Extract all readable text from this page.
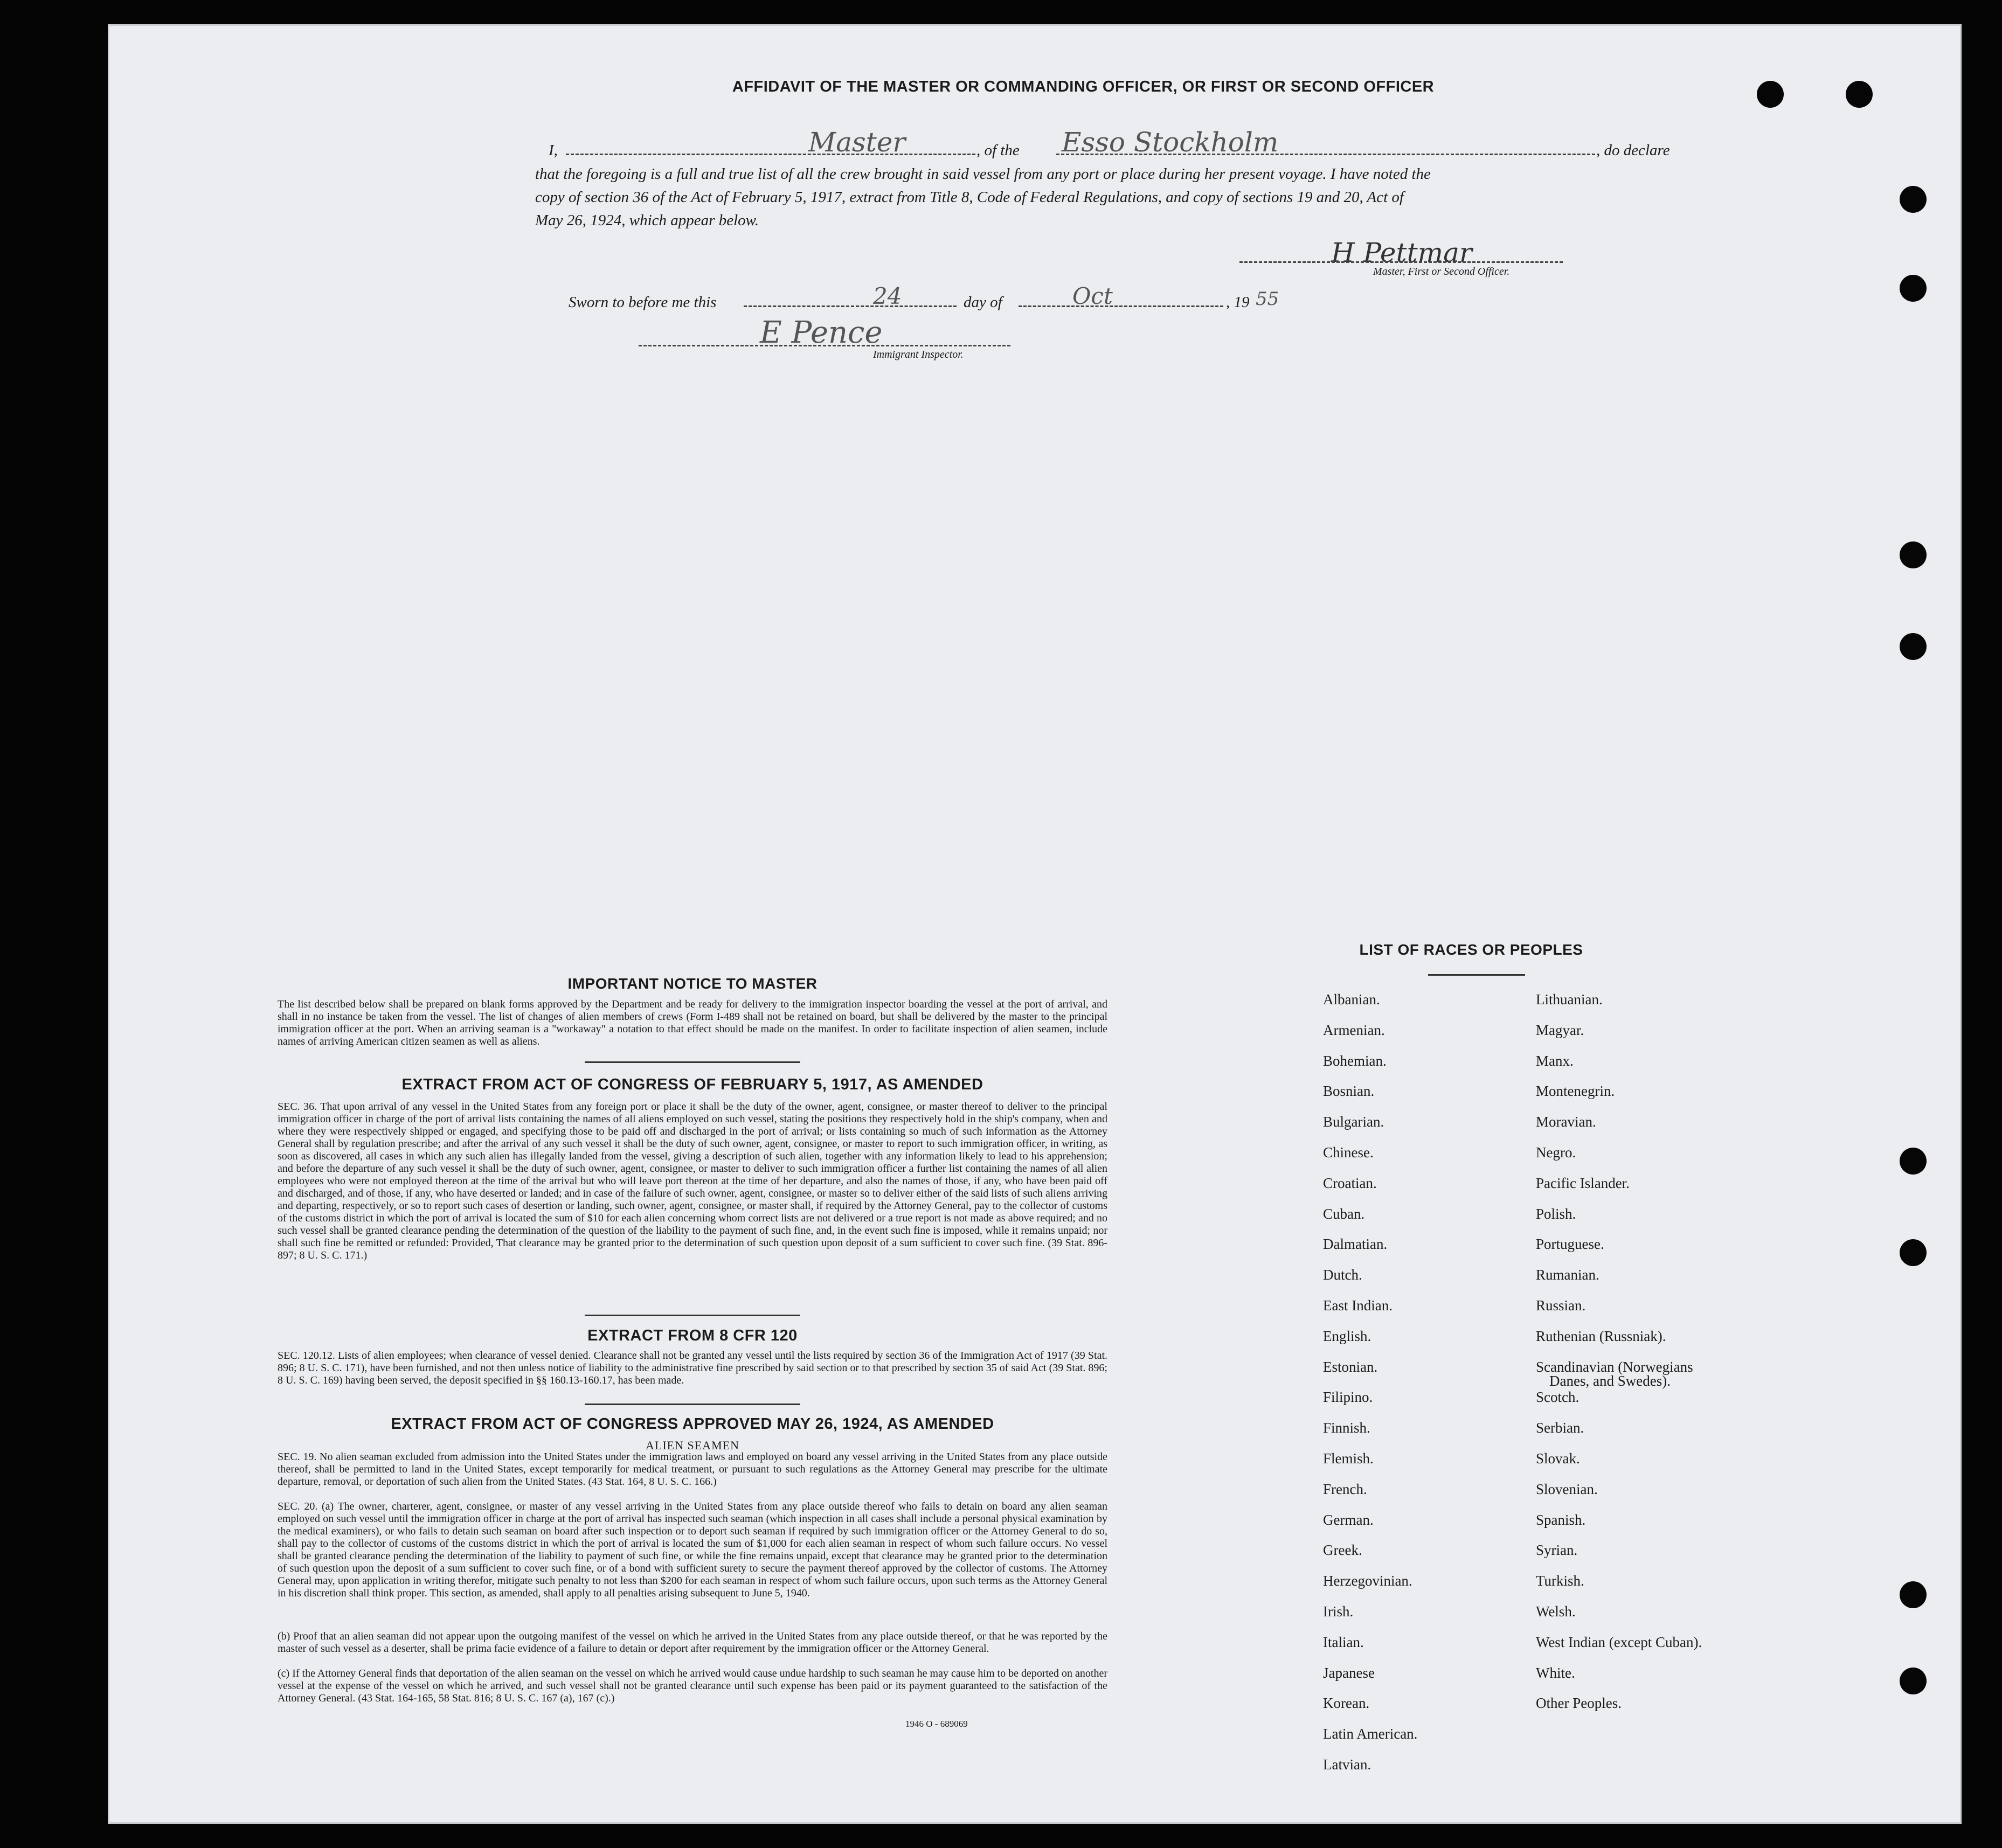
AFFIDAVIT OF THE MASTER OR COMMANDING OFFICER, OR FIRST OR SECOND OFFICER
I,	Master	, of the Esso Stockholm	, do declare
that the foregoing is a full and true list of all the crew brought in said vessel from any port or place during her present voyage. I have noted the
copy of section 36 of the Act of February 5, 1917, extract from Title 8, Code of Federal Regulations, and copy of sections 19 and 20, Act of
May 26, 1924, which appear below.
H Pettmar
Master, First or Second Officer.
Sworn to before me this	24	day of	Oct	, 19 55
E Pence
Immigrant Inspector.
IMPORTANT NOTICE TO MASTER
The list described below shall be prepared on blank forms approved by the Department and be ready for delivery to the immigration inspector boarding the vessel at the port of arrival, and shall in no instance be taken from the vessel. The list of changes of alien members of crews (Form I-489 shall not be retained on board, but shall be delivered by the master to the principal immigration officer at the port. When an arriving seaman is a "workaway" a notation to that effect should be made on the manifest. In order to facilitate inspection of alien seamen, include names of arriving American citizen seamen as well as aliens.
EXTRACT FROM ACT OF CONGRESS OF FEBRUARY 5, 1917, AS AMENDED
SEC. 36. That upon arrival of any vessel in the United States from any foreign port or place it shall be the duty of the owner, agent, consignee, or master thereof to deliver to the principal immigration officer in charge of the port of arrival lists containing the names of all aliens employed on such vessel, stating the positions they respectively hold in the ship's company, when and where they were respectively shipped or engaged, and specifying those to be paid off and discharged in the port of arrival; or lists containing so much of such information as the Attorney General shall by regulation prescribe; and after the arrival of any such vessel it shall be the duty of such owner, agent, consignee, or master to report to such immigration officer, in writing, as soon as discovered, all cases in which any such alien has illegally landed from the vessel, giving a description of such alien, together with any information likely to lead to his apprehension; and before the departure of any such vessel it shall be the duty of such owner, agent, consignee, or master to deliver to such immigration officer a further list containing the names of all alien employees who were not employed thereon at the time of the arrival but who will leave port thereon at the time of her departure, and also the names of those, if any, who have been paid off and discharged, and of those, if any, who have deserted or landed; and in case of the failure of such owner, agent, consignee, or master so to deliver either of the said lists of such aliens arriving and departing, respectively, or so to report such cases of desertion or landing, such owner, agent, consignee, or master shall, if required by the Attorney General, pay to the collector of customs of the customs district in which the port of arrival is located the sum of $10 for each alien concerning whom correct lists are not delivered or a true report is not made as above required; and no such vessel shall be granted clearance pending the determination of the question of the liability to the payment of such fine, and, in the event such fine is imposed, while it remains unpaid; nor shall such fine be remitted or refunded: Provided, That clearance may be granted prior to the determination of such question upon deposit of a sum sufficient to cover such fine. (39 Stat. 896-897; 8 U. S. C. 171.)
EXTRACT FROM 8 CFR 120
SEC. 120.12. Lists of alien employees; when clearance of vessel denied. Clearance shall not be granted any vessel until the lists required by section 36 of the Immigration Act of 1917 (39 Stat. 896; 8 U. S. C. 171), have been furnished, and not then unless notice of liability to the administrative fine prescribed by said section or to that prescribed by section 35 of said Act (39 Stat. 896; 8 U. S. C. 169) having been served, the deposit specified in §§ 160.13-160.17, has been made.
EXTRACT FROM ACT OF CONGRESS APPROVED MAY 26, 1924, AS AMENDED
ALIEN SEAMEN
SEC. 19. No alien seaman excluded from admission into the United States under the immigration laws and employed on board any vessel arriving in the United States from any place outside thereof, shall be permitted to land in the United States, except temporarily for medical treatment, or pursuant to such regulations as the Attorney General may prescribe for the ultimate departure, removal, or deportation of such alien from the United States. (43 Stat. 164, 8 U. S. C. 166.)
SEC. 20. (a) The owner, charterer, agent, consignee, or master of any vessel arriving in the United States from any place outside thereof who fails to detain on board any alien seaman employed on such vessel until the immigration officer in charge at the port of arrival has inspected such seaman (which inspection in all cases shall include a personal physical examination by the medical examiners), or who fails to detain such seaman on board after such inspection or to deport such seaman if required by such immigration officer or the Attorney General to do so, shall pay to the collector of customs of the customs district in which the port of arrival is located the sum of $1,000 for each alien seaman in respect of whom such failure occurs. No vessel shall be granted clearance pending the determination of the liability to payment of such fine, or while the fine remains unpaid, except that clearance may be granted prior to the determination of such question upon the deposit of a sum sufficient to cover such fine, or of a bond with sufficient surety to secure the payment thereof approved by the collector of customs. The Attorney General may, upon application in writing therefor, mitigate such penalty to not less than $200 for each seaman in respect of whom such failure occurs, upon such terms as the Attorney General in his discretion shall think proper. This section, as amended, shall apply to all penalties arising subsequent to June 5, 1940.
(b) Proof that an alien seaman did not appear upon the outgoing manifest of the vessel on which he arrived in the United States from any place outside thereof, or that he was reported by the master of such vessel as a deserter, shall be prima facie evidence of a failure to detain or deport after requirement by the immigration officer or the Attorney General.
(c) If the Attorney General finds that deportation of the alien seaman on the vessel on which he arrived would cause undue hardship to such seaman he may cause him to be deported on another vessel at the expense of the vessel on which he arrived, and such vessel shall not be granted clearance until such expense has been paid or its payment guaranteed to the satisfaction of the Attorney General. (43 Stat. 164-165, 58 Stat. 816; 8 U. S. C. 167 (a), 167 (c).)
1946 O - 689069
LIST OF RACES OR PEOPLES
Albanian.
Armenian.
Bohemian.
Bosnian.
Bulgarian.
Chinese.
Croatian.
Cuban.
Dalmatian.
Dutch.
East Indian.
English.
Estonian.
Filipino.
Finnish.
Flemish.
French.
German.
Greek.
Herzegovinian.
Irish.
Italian.
Japanese
Korean.
Latin American.
Latvian.
Lithuanian.
Magyar.
Manx.
Montenegrin.
Moravian.
Negro.
Pacific Islander.
Polish.
Portuguese.
Rumanian.
Russian.
Ruthenian (Russniak).
Scandinavian (Norwegians
Danes, and Swedes).
Scotch.
Serbian.
Slovak.
Slovenian.
Spanish.
Syrian.
Turkish.
Welsh.
West Indian (except Cuban).
White.
Other Peoples.
